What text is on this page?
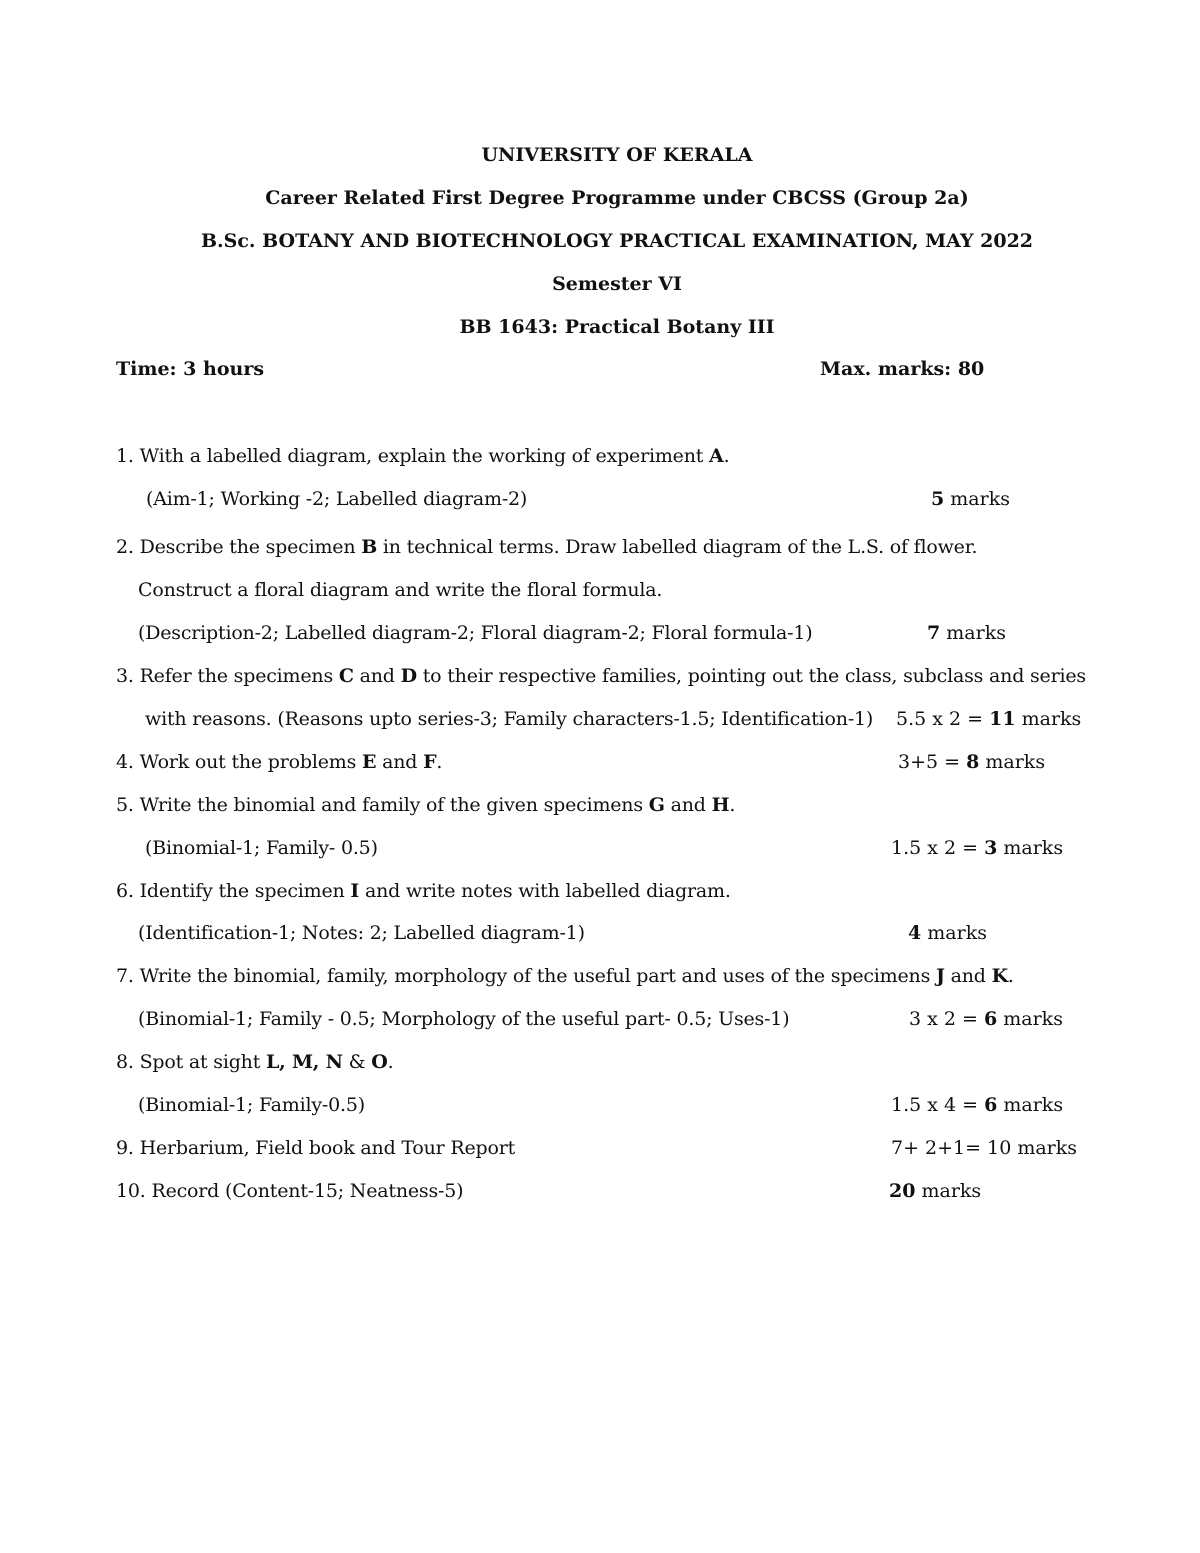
UNIVERSITY OF KERALA
Career Related First Degree Programme under CBCSS (Group 2a)
B.Sc. BOTANY AND BIOTECHNOLOGY PRACTICAL EXAMINATION, MAY 2022
Semester VI
BB 1643: Practical Botany III
Time: 3 hours	Max. marks: 80
1. With a labelled diagram, explain the working of experiment A.
(Aim-1; Working -2; Labelled diagram-2)	5 marks
2. Describe the specimen B in technical terms. Draw labelled diagram of the L.S. of flower.
Construct a floral diagram and write the floral formula.
(Description-2; Labelled diagram-2; Floral diagram-2; Floral formula-1)	7 marks
3. Refer the specimens C and D to their respective families, pointing out the class, subclass and series
with reasons. (Reasons upto series-3; Family characters-1.5; Identification-1) 5.5 x 2 = 11 marks
4. Work out the problems E and F.	3+5 = 8 marks
5. Write the binomial and family of the given specimens G and H.
(Binomial-1; Family- 0.5)	1.5 x 2 = 3 marks
6. Identify the specimen I and write notes with labelled diagram.
(Identification-1; Notes: 2; Labelled diagram-1)	4 marks
7. Write the binomial, family, morphology of the useful part and uses of the specimens J and K.
(Binomial-1; Family - 0.5; Morphology of the useful part- 0.5; Uses-1)	3 x 2 = 6 marks
8. Spot at sight L, M, N & O.
(Binomial-1; Family-0.5)	1.5 x 4 = 6 marks
9. Herbarium, Field book and Tour Report	7+ 2+1= 10 marks
10. Record (Content-15; Neatness-5)	20 marks
